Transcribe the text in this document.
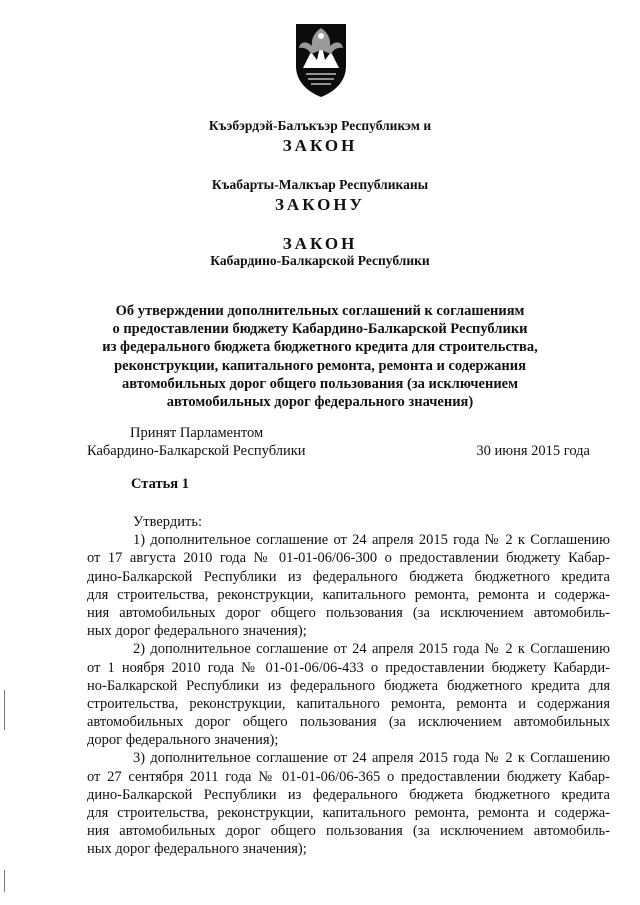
Къэбэрдэй-Балъкъэр Республикэм и
ЗАКОН
Къабарты-Малкъар Республиканы
ЗАКОНУ
ЗАКОН
Кабардино-Балкарской Республики
Об утверждении дополнительных соглашений к соглашениям
о предоставлении бюджету Кабардино-Балкарской Республики
из федерального бюджета бюджетного кредита для строительства,
реконструкции, капитального ремонта, ремонта и содержания
автомобильных дорог общего пользования (за исключением
автомобильных дорог федерального значения)
Принят Парламентом
Кабардино-Балкарской Республики	30 июня 2015 года
Статья 1
Утвердить:
1) дополнительное соглашение от 24 апреля 2015 года № 2 к Соглашению
от 17 августа 2010 года № 01-01-06/06-300 о предоставлении бюджету Кабар-
дино-Балкарской Республики из федерального бюджета бюджетного кредита
для строительства, реконструкции, капитального ремонта, ремонта и содержа-
ния автомобильных дорог общего пользования (за исключением автомобиль-
ных дорог федерального значения);
2) дополнительное соглашение от 24 апреля 2015 года № 2 к Соглашению
от 1 ноября 2010 года № 01-01-06/06-433 о предоставлении бюджету Кабарди-
но-Балкарской Республики из федерального бюджета бюджетного кредита для
строительства, реконструкции, капитального ремонта, ремонта и содержания
автомобильных дорог общего пользования (за исключением автомобильных
дорог федерального значения);
3) дополнительное соглашение от 24 апреля 2015 года № 2 к Соглашению
от 27 сентября 2011 года № 01-01-06/06-365 о предоставлении бюджету Кабар-
дино-Балкарской Республики из федерального бюджета бюджетного кредита
для строительства, реконструкции, капитального ремонта, ремонта и содержа-
ния автомобильных дорог общего пользования (за исключением автомобиль-
ных дорог федерального значения);
